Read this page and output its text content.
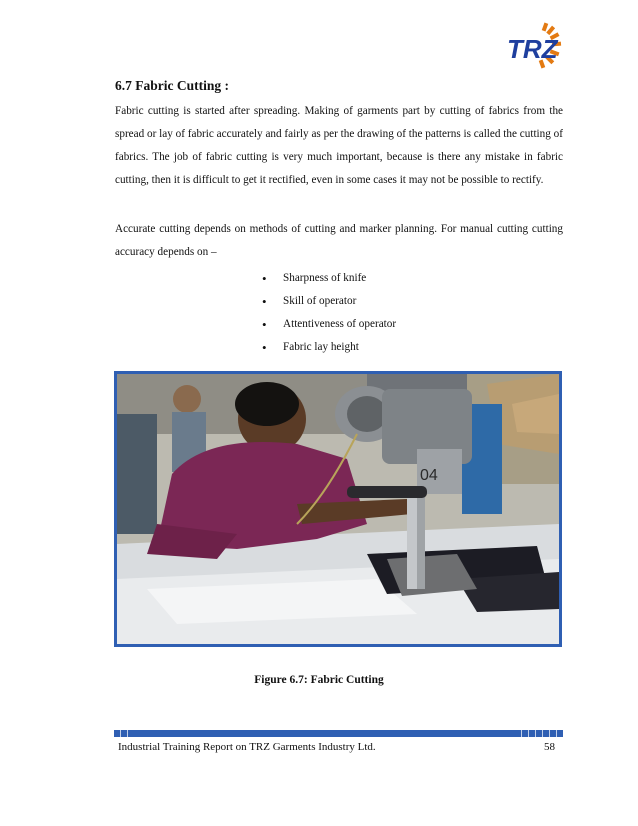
TRZ
6.7 Fabric Cutting :
Fabric cutting is started after spreading. Making of garments part by cutting of fabrics from the spread or lay of fabric accurately and fairly as per the drawing of the patterns is called the cutting of fabrics. The job of fabric cutting is very much important, because is there any mistake in fabric cutting, then it is difficult to get it rectified, even in some cases it may not be possible to rectify.
Accurate cutting depends on methods of cutting and marker planning. For manual cutting cutting accuracy depends on –
• Sharpness of knife
• Skill of operator
• Attentiveness of operator
• Fabric lay height
04
Figure 6.7: Fabric Cutting
Industrial Training Report on TRZ Garments Industry Ltd.	58
